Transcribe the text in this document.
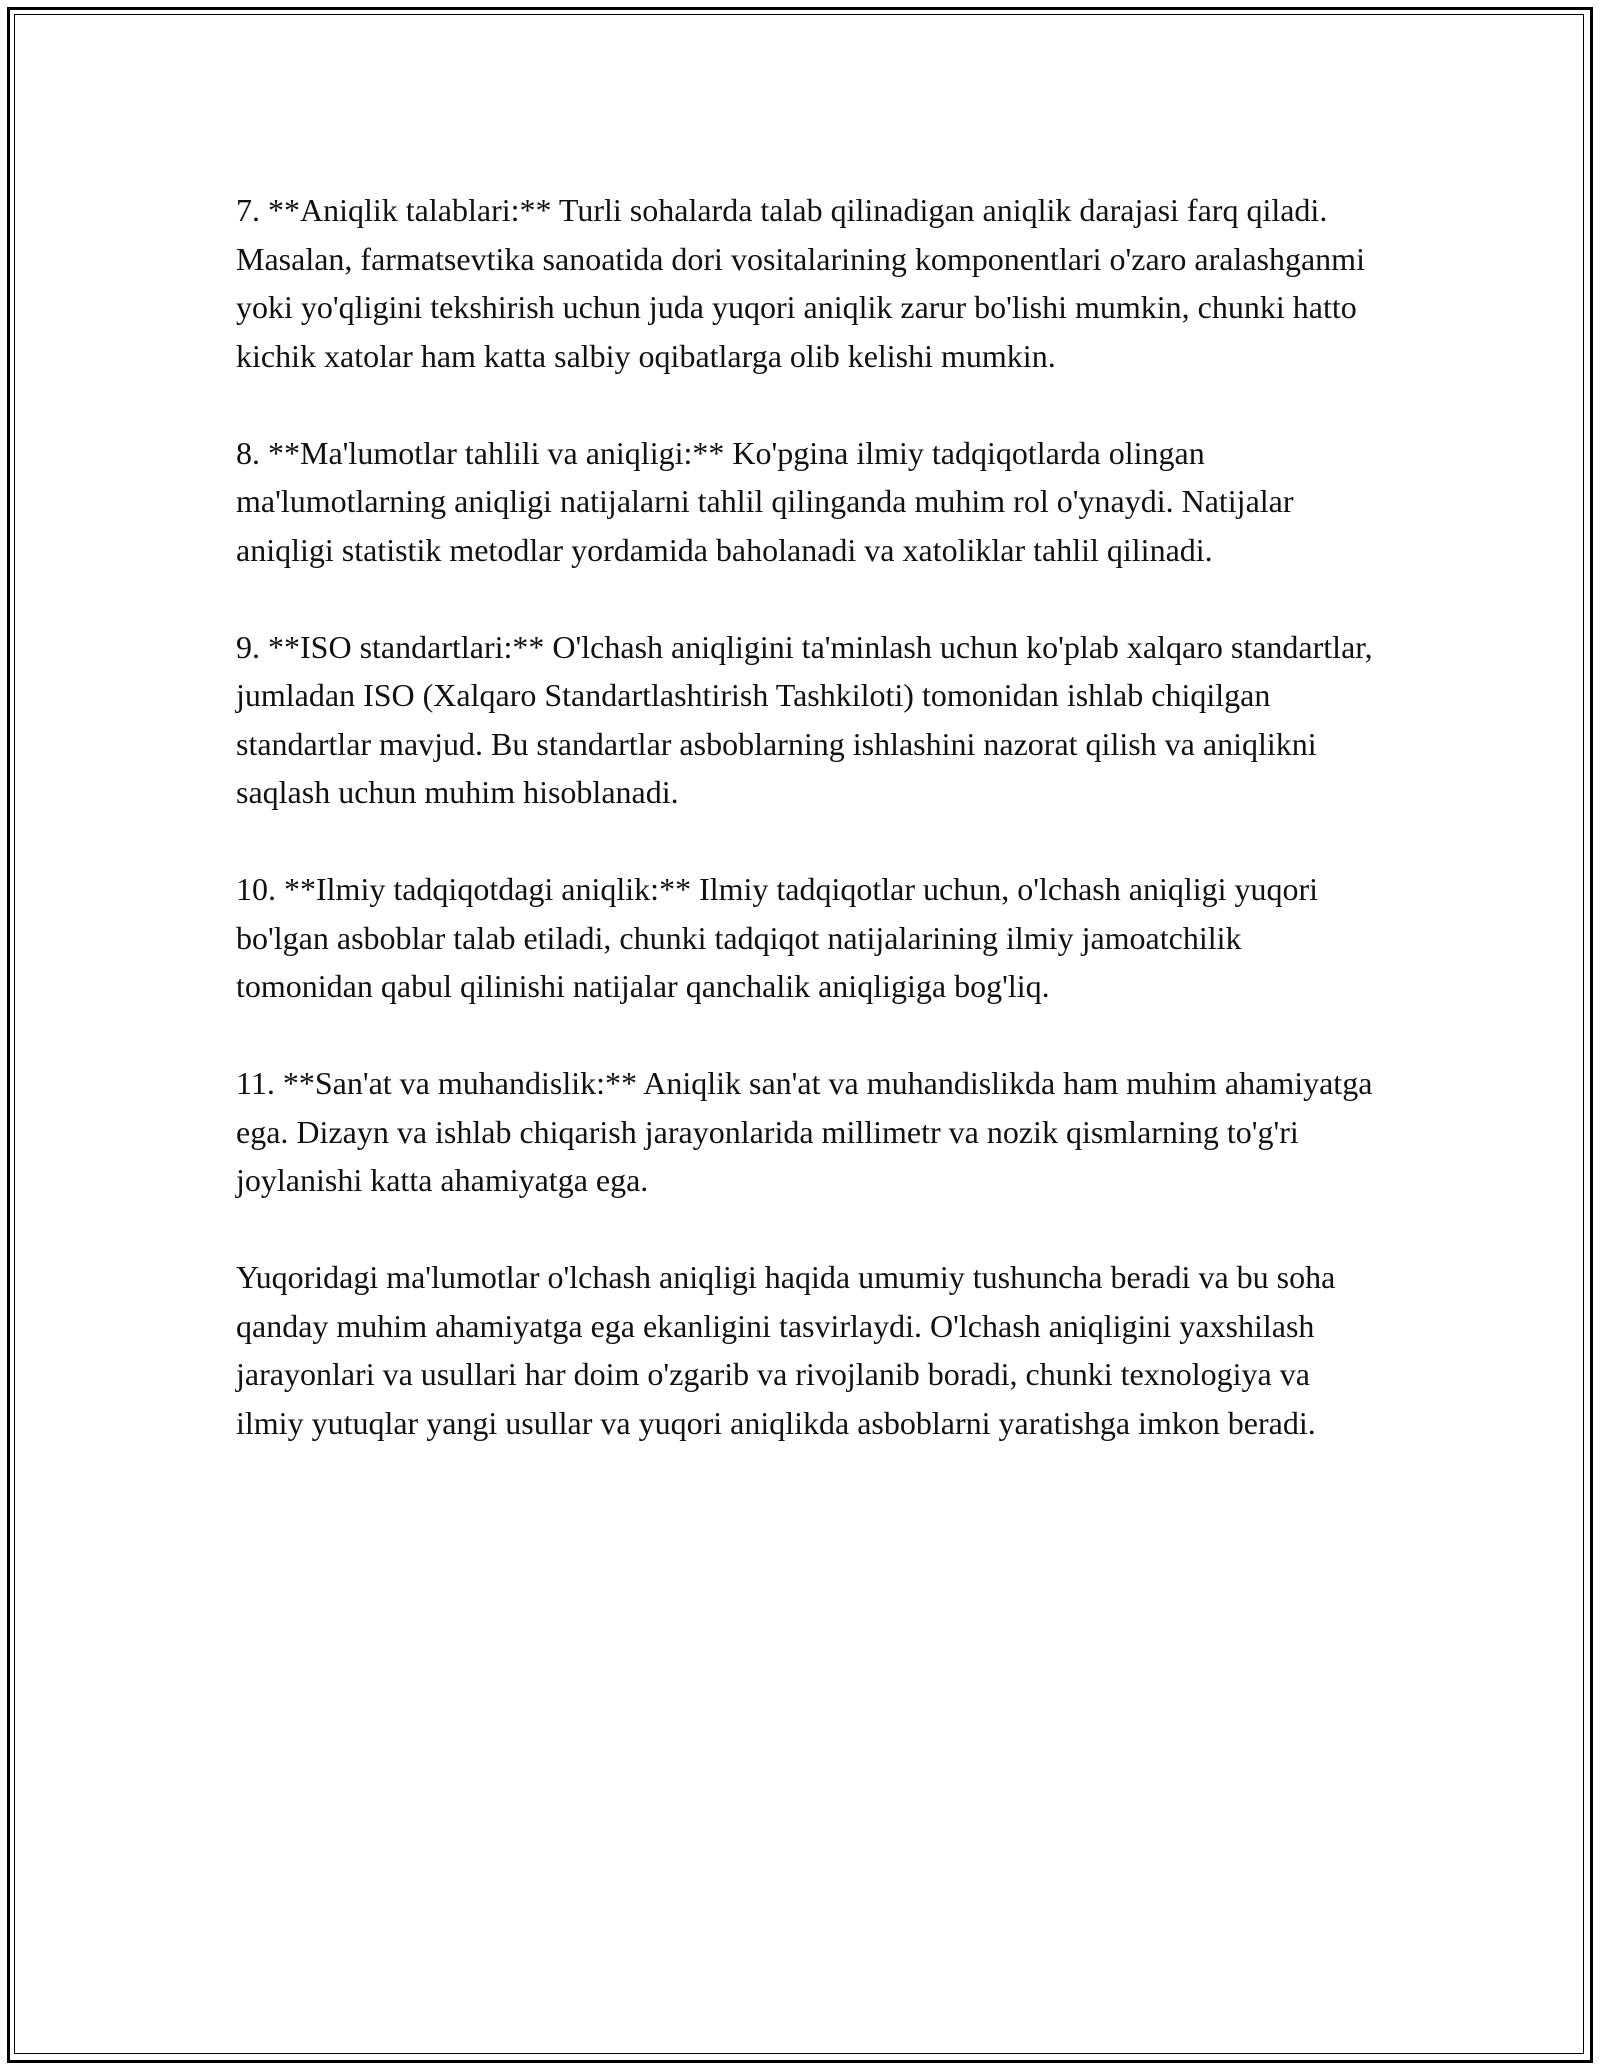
7. **Aniqlik talablari:** Turli sohalarda talab qilinadigan aniqlik darajasi farq qiladi. Masalan, farmatsevtika sanoatida dori vositalarining komponentlari o'zaro aralashganmi yoki yo'qligini tekshirish uchun juda yuqori aniqlik zarur bo'lishi mumkin, chunki hatto kichik xatolar ham katta salbiy oqibatlarga olib kelishi mumkin.

8. **Ma'lumotlar tahlili va aniqligi:** Ko'pgina ilmiy tadqiqotlarda olingan ma'lumotlarning aniqligi natijalarni tahlil qilinganda muhim rol o'ynaydi. Natijalar aniqligi statistik metodlar yordamida baholanadi va xatoliklar tahlil qilinadi.

9. **ISO standartlari:** O'lchash aniqligini ta'minlash uchun ko'plab xalqaro standartlar, jumladan ISO (Xalqaro Standartlashtirish Tashkiloti) tomonidan ishlab chiqilgan standartlar mavjud. Bu standartlar asboblarning ishlashini nazorat qilish va aniqlikni saqlash uchun muhim hisoblanadi.

10. **Ilmiy tadqiqotdagi aniqlik:** Ilmiy tadqiqotlar uchun, o'lchash aniqligi yuqori bo'lgan asboblar talab etiladi, chunki tadqiqot natijalarining ilmiy jamoatchilik tomonidan qabul qilinishi natijalar qanchalik aniqligiga bog'liq.

11. **San'at va muhandislik:** Aniqlik san'at va muhandislikda ham muhim ahamiyatga ega. Dizayn va ishlab chiqarish jarayonlarida millimetr va nozik qismlarning to'g'ri joylanishi katta ahamiyatga ega.

Yuqoridagi ma'lumotlar o'lchash aniqligi haqida umumiy tushuncha beradi va bu soha qanday muhim ahamiyatga ega ekanligini tasvirlaydi. O'lchash aniqligini yaxshilash jarayonlari va usullari har doim o'zgarib va rivojlanib boradi, chunki texnologiya va ilmiy yutuqlar yangi usullar va yuqori aniqlikda asboblarni yaratishga imkon beradi.
